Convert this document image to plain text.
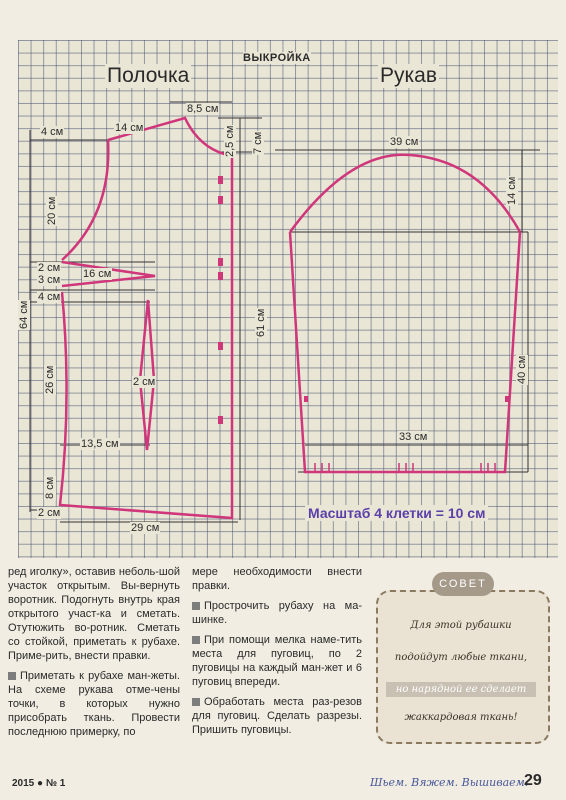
ВЫКРОЙКА
Полочка	Рукав
8,5 см
4 см	14 см	2,5 см 7 см
20 см
2 см 16 см
3 см
4 см
64 см
26 см	2 см
61 см
13,5 см
8 см
2 см
29 см
39 см
14 см
40 см
33 см
Масштаб 4 клетки = 10 см

ред иголку», оставив неболь-шой участок открытым. Вы-вернуть воротник. Подогнуть внутрь края открытого участ-ка и сметать. Отутюжить во-ротник. Сметать со стойкой, приметать к рубахе. Приме-рить, внести правки.

Приметать к рубахе ман-жеты. На схеме рукава отме-чены точки, в которых нужно присобрать ткань. Провести последнюю примерку, по

мере необходимости внести правки.

Прострочить рубаху на ма-шинке.

При помощи мелка наме-тить места для пуговиц, по 2 пуговицы на каждый ман-жет и 6 пуговиц впереди.

Обработать места раз-резов для пуговиц. Сделать разрезы. Пришить пуговицы.

СОВЕТ
Для этой рубашки
подойдут любые ткани,
но нарядной ее сделает
жаккардовая ткань!
2015 ● № 1	Шьем. Вяжем. Вышиваем.
29
